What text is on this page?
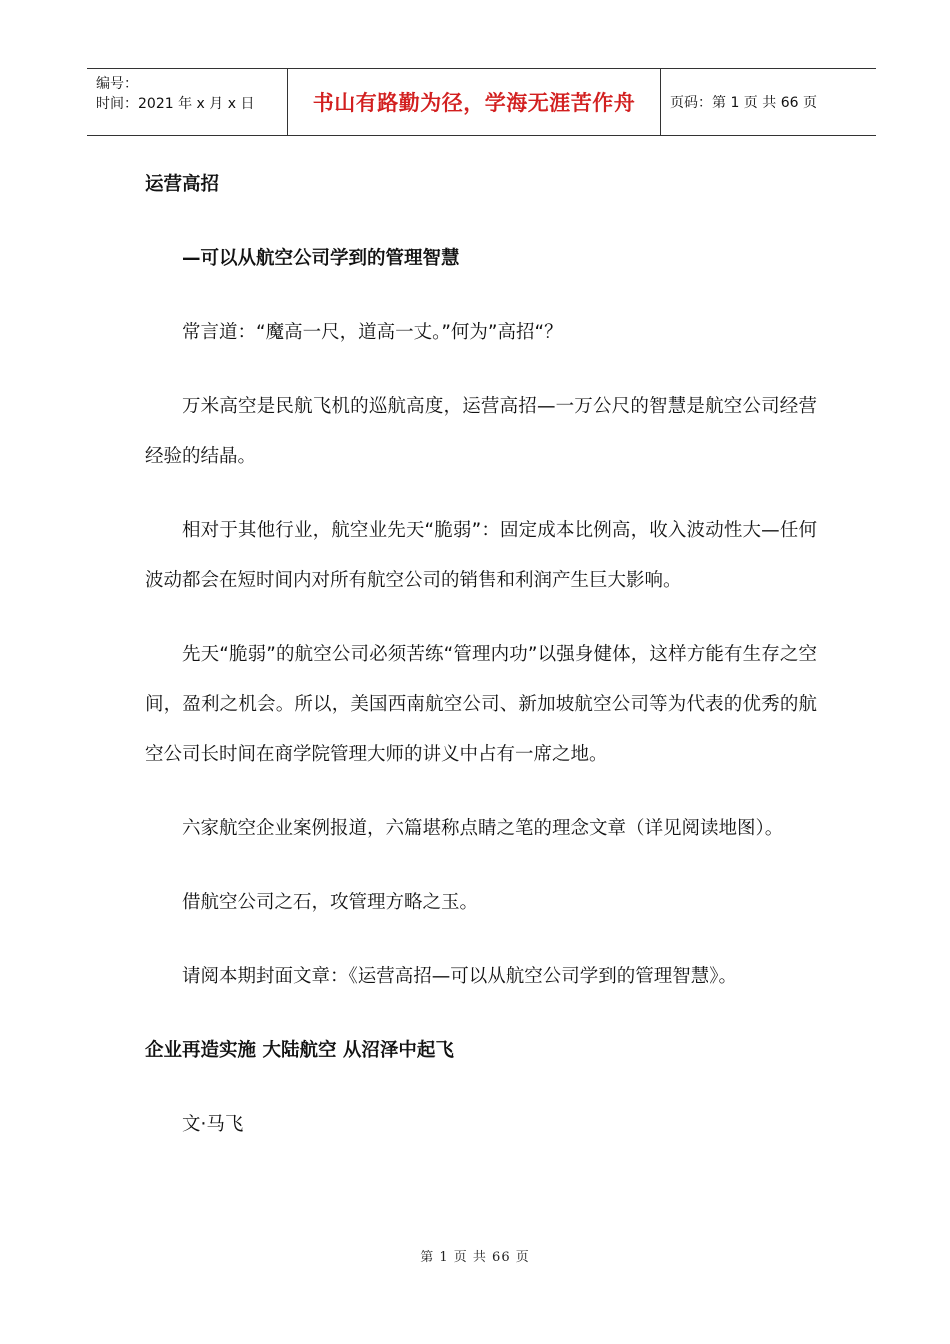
编号：
时间：2021 年 x 月 x 日	书山有路勤为径，学海无涯苦作舟	页码：第 1 页 共 66 页

运营高招

—可以从航空公司学到的管理智慧

常言道：“魔高一尺，道高一丈。”何为”高招“？

万米高空是民航飞机的巡航高度，运营高招—一万公尺的智慧是航空公司经营经验的结晶。

相对于其他行业，航空业先天“脆弱”：固定成本比例高，收入波动性大—任何波动都会在短时间内对所有航空公司的销售和利润产生巨大影响。

先天“脆弱”的航空公司必须苦练“管理内功”以强身健体，这样方能有生存之空间，盈利之机会。所以，美国西南航空公司、新加坡航空公司等为代表的优秀的航空公司长时间在商学院管理大师的讲义中占有一席之地。

六家航空企业案例报道，六篇堪称点睛之笔的理念文章（详见阅读地图）。

借航空公司之石，攻管理方略之玉。

请阅本期封面文章：《运营高招—可以从航空公司学到的管理智慧》。

企业再造实施 大陆航空 从沼泽中起飞

文·马飞

第 1 页 共 66 页
